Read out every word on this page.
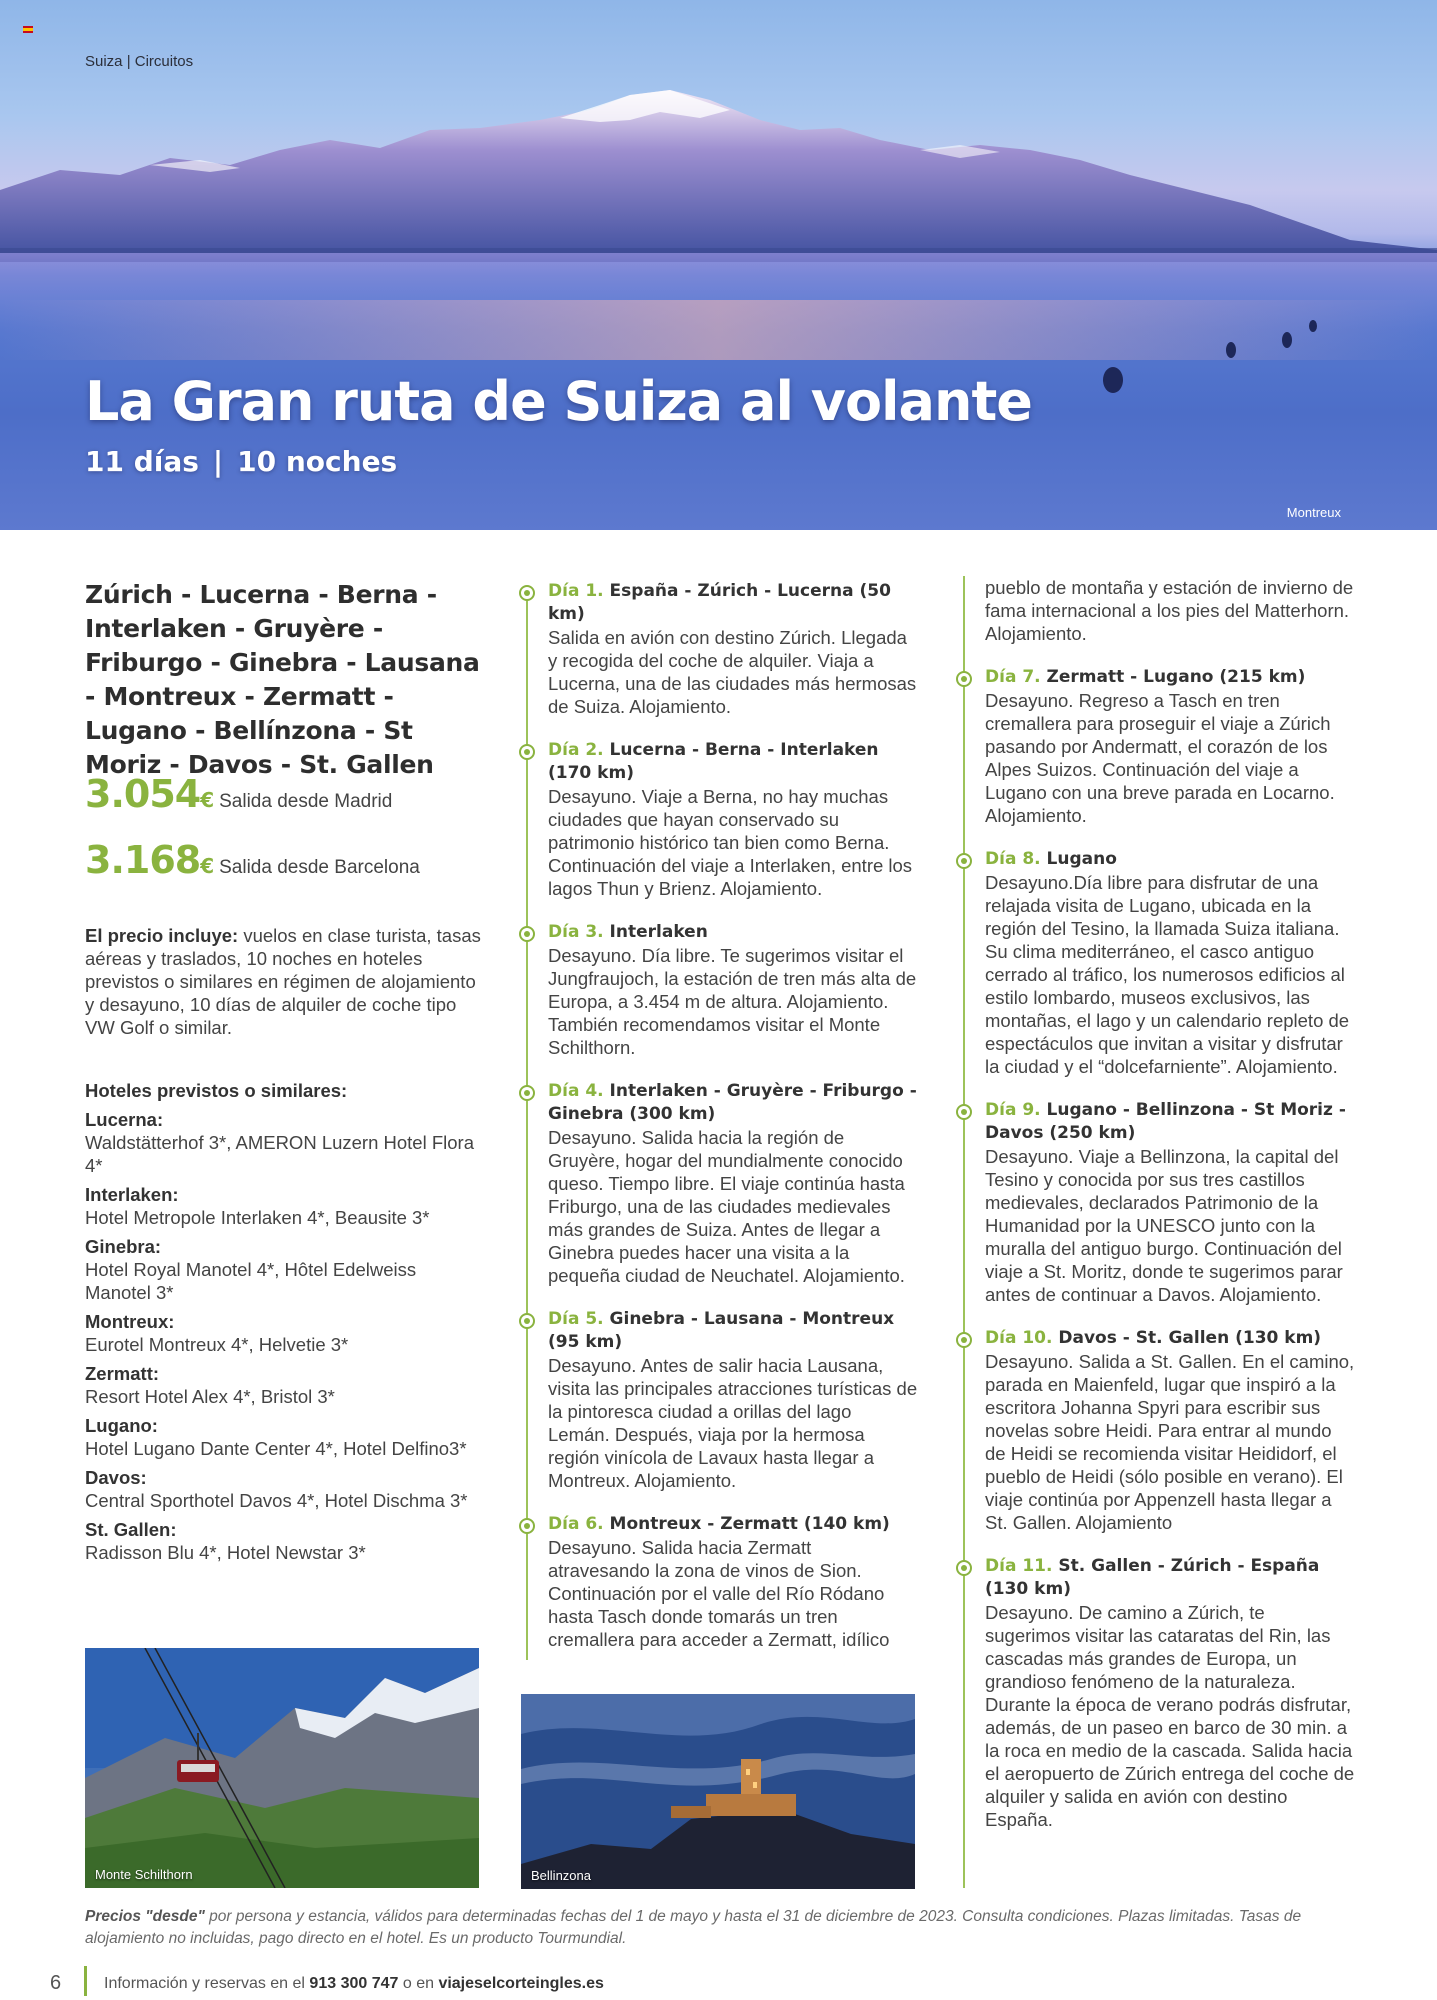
Suiza | Circuitos
La Gran ruta de Suiza al volante
11 días | 10 noches
Montreux
Zúrich - Lucerna - Berna - Interlaken - Gruyère - Friburgo - Ginebra - Lausana - Montreux - Zermatt - Lugano - Bellínzona - St Moriz - Davos - St. Gallen
3.054€ Salida desde Madrid
3.168€ Salida desde Barcelona

El precio incluye: vuelos en clase turista, tasas aéreas y traslados, 10 noches en hoteles previstos o similares en régimen de alojamiento y desayuno, 10 días de alquiler de coche tipo VW Golf o similar.

Hoteles previstos o similares:
Lucerna:
Waldstätterhof 3*, AMERON Luzern Hotel Flora 4*
Interlaken:
Hotel Metropole Interlaken 4*, Beausite 3*
Ginebra:
Hotel Royal Manotel 4*, Hôtel Edelweiss Manotel 3*
Montreux:
Eurotel Montreux 4*, Helvetie 3*
Zermatt:
Resort Hotel Alex 4*, Bristol 3*
Lugano:
Hotel Lugano Dante Center 4*, Hotel Delfino3*
Davos:
Central Sporthotel Davos 4*, Hotel Dischma 3*
St. Gallen:
Radisson Blu 4*, Hotel Newstar 3*
Monte Schilthorn
Día 1. España - Zúrich - Lucerna (50 km)
Salida en avión con destino Zúrich. Llegada y recogida del coche de alquiler. Viaja a Lucerna, una de las ciudades más hermosas de Suiza. Alojamiento.
Día 2. Lucerna - Berna - Interlaken (170 km)
Desayuno. Viaje a Berna, no hay muchas ciudades que hayan conservado su patrimonio histórico tan bien como Berna. Continuación del viaje a Interlaken, entre los lagos Thun y Brienz. Alojamiento.
Día 3. Interlaken
Desayuno. Día libre. Te sugerimos visitar el Jungfraujoch, la estación de tren más alta de Europa, a 3.454 m de altura. Alojamiento. También recomendamos visitar el Monte Schilthorn.
Día 4. Interlaken - Gruyère - Friburgo - Ginebra (300 km)
Desayuno. Salida hacia la región de Gruyère, hogar del mundialmente conocido queso. Tiempo libre. El viaje continúa hasta Friburgo, una de las ciudades medievales más grandes de Suiza. Antes de llegar a Ginebra puedes hacer una visita a la pequeña ciudad de Neuchatel. Alojamiento.
Día 5. Ginebra - Lausana - Montreux (95 km)
Desayuno. Antes de salir hacia Lausana, visita las principales atracciones turísticas de la pintoresca ciudad a orillas del lago Lemán. Después, viaja por la hermosa región vinícola de Lavaux hasta llegar a Montreux. Alojamiento.
Día 6. Montreux - Zermatt (140 km)
Desayuno. Salida hacia Zermatt atravesando la zona de vinos de Sion. Continuación por el valle del Río Ródano hasta Tasch donde tomarás un tren cremallera para acceder a Zermatt, idílico
Bellinzona
pueblo de montaña y estación de invierno de fama internacional a los pies del Matterhorn. Alojamiento.
Día 7. Zermatt - Lugano (215 km)
Desayuno. Regreso a Tasch en tren cremallera para proseguir el viaje a Zúrich pasando por Andermatt, el corazón de los Alpes Suizos. Continuación del viaje a Lugano con una breve parada en Locarno. Alojamiento.
Día 8. Lugano
Desayuno.Día libre para disfrutar de una relajada visita de Lugano, ubicada en la región del Tesino, la llamada Suiza italiana. Su clima mediterráneo, el casco antiguo cerrado al tráfico, los numerosos edificios al estilo lombardo, museos exclusivos, las montañas, el lago y un calendario repleto de espectáculos que invitan a visitar y disfrutar la ciudad y el “dolcefarniente”. Alojamiento.
Día 9. Lugano - Bellinzona - St Moriz - Davos (250 km)
Desayuno. Viaje a Bellinzona, la capital del Tesino y conocida por sus tres castillos medievales, declarados Patrimonio de la Humanidad por la UNESCO junto con la muralla del antiguo burgo. Continuación del viaje a St. Moritz, donde te sugerimos parar antes de continuar a Davos. Alojamiento.
Día 10. Davos - St. Gallen (130 km)
Desayuno. Salida a St. Gallen. En el camino, parada en Maienfeld, lugar que inspiró a la escritora Johanna Spyri para escribir sus novelas sobre Heidi. Para entrar al mundo de Heidi se recomienda visitar Heididorf, el pueblo de Heidi (sólo posible en verano). El viaje continúa por Appenzell hasta llegar a St. Gallen. Alojamiento
Día 11. St. Gallen - Zúrich - España (130 km)
Desayuno. De camino a Zúrich, te sugerimos visitar las cataratas del Rin, las cascadas más grandes de Europa, un grandioso fenómeno de la naturaleza. Durante la época de verano podrás disfrutar, además, de un paseo en barco de 30 min. a la roca en medio de la cascada. Salida hacia el aeropuerto de Zúrich entrega del coche de alquiler y salida en avión con destino España.

Precios "desde" por persona y estancia, válidos para determinadas fechas del 1 de mayo y hasta el 31 de diciembre de 2023. Consulta condiciones. Plazas limitadas. Tasas de alojamiento no incluidas, pago directo en el hotel. Es un producto Tourmundial.

6	Información y reservas en el 913 300 747 o en viajeselcorteingles.es
